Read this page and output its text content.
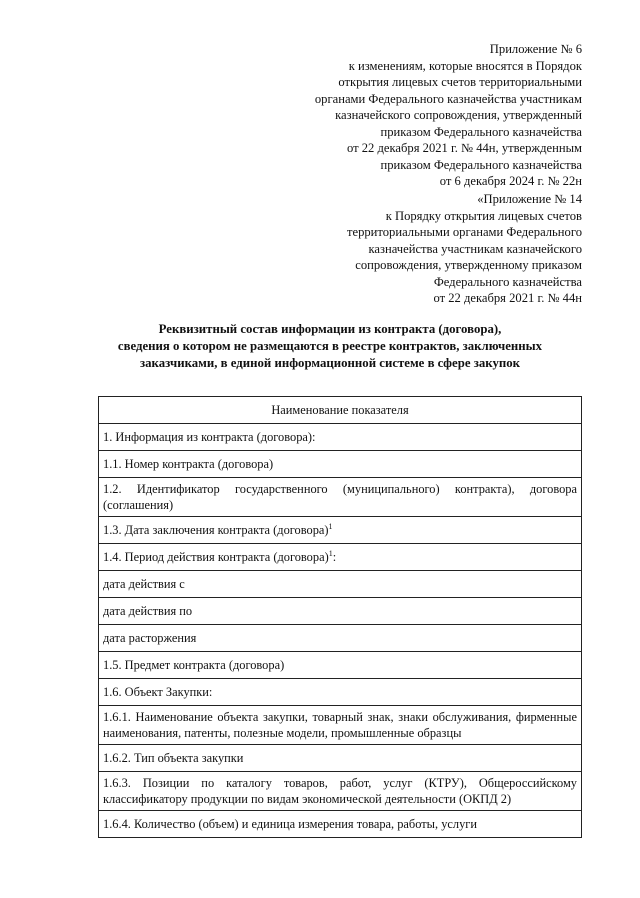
Приложение № 6
к изменениям, которые вносятся в Порядок
открытия лицевых счетов территориальными
органами Федерального казначейства участникам
казначейского сопровождения, утвержденный
приказом Федерального казначейства
от 22 декабря 2021 г. № 44н, утвержденным
приказом Федерального казначейства
от 6 декабря 2024 г. № 22н
«Приложение № 14
к Порядку открытия лицевых счетов
территориальными органами Федерального
казначейства участникам казначейского
сопровождения, утвержденному приказом
Федерального казначейства
от 22 декабря 2021 г. № 44н
Реквизитный состав информации из контракта (договора),
сведения о котором не размещаются в реестре контрактов, заключенных
заказчиками, в единой информационной системе в сфере закупок
Наименование показателя
1. Информация из контракта (договора):
1.1. Номер контракта (договора)
1.2. Идентификатор государственного (муниципального) контракта), договора (соглашения)
1.3. Дата заключения контракта (договора)$^1$
1.4. Период действия контракта (договора)$^1$:
дата действия с
дата действия по
дата расторжения
1.5. Предмет контракта (договора)
1.6. Объект Закупки:
1.6.1. Наименование объекта закупки, товарный знак, знаки обслуживания, фирменные наименования, патенты, полезные модели, промышленные образцы
1.6.2. Тип объекта закупки
1.6.3. Позиции по каталогу товаров, работ, услуг (КТРУ), Общероссийскому классификатору продукции по видам экономической деятельности (ОКПД 2)
1.6.4. Количество (объем) и единица измерения товара, работы, услуги
